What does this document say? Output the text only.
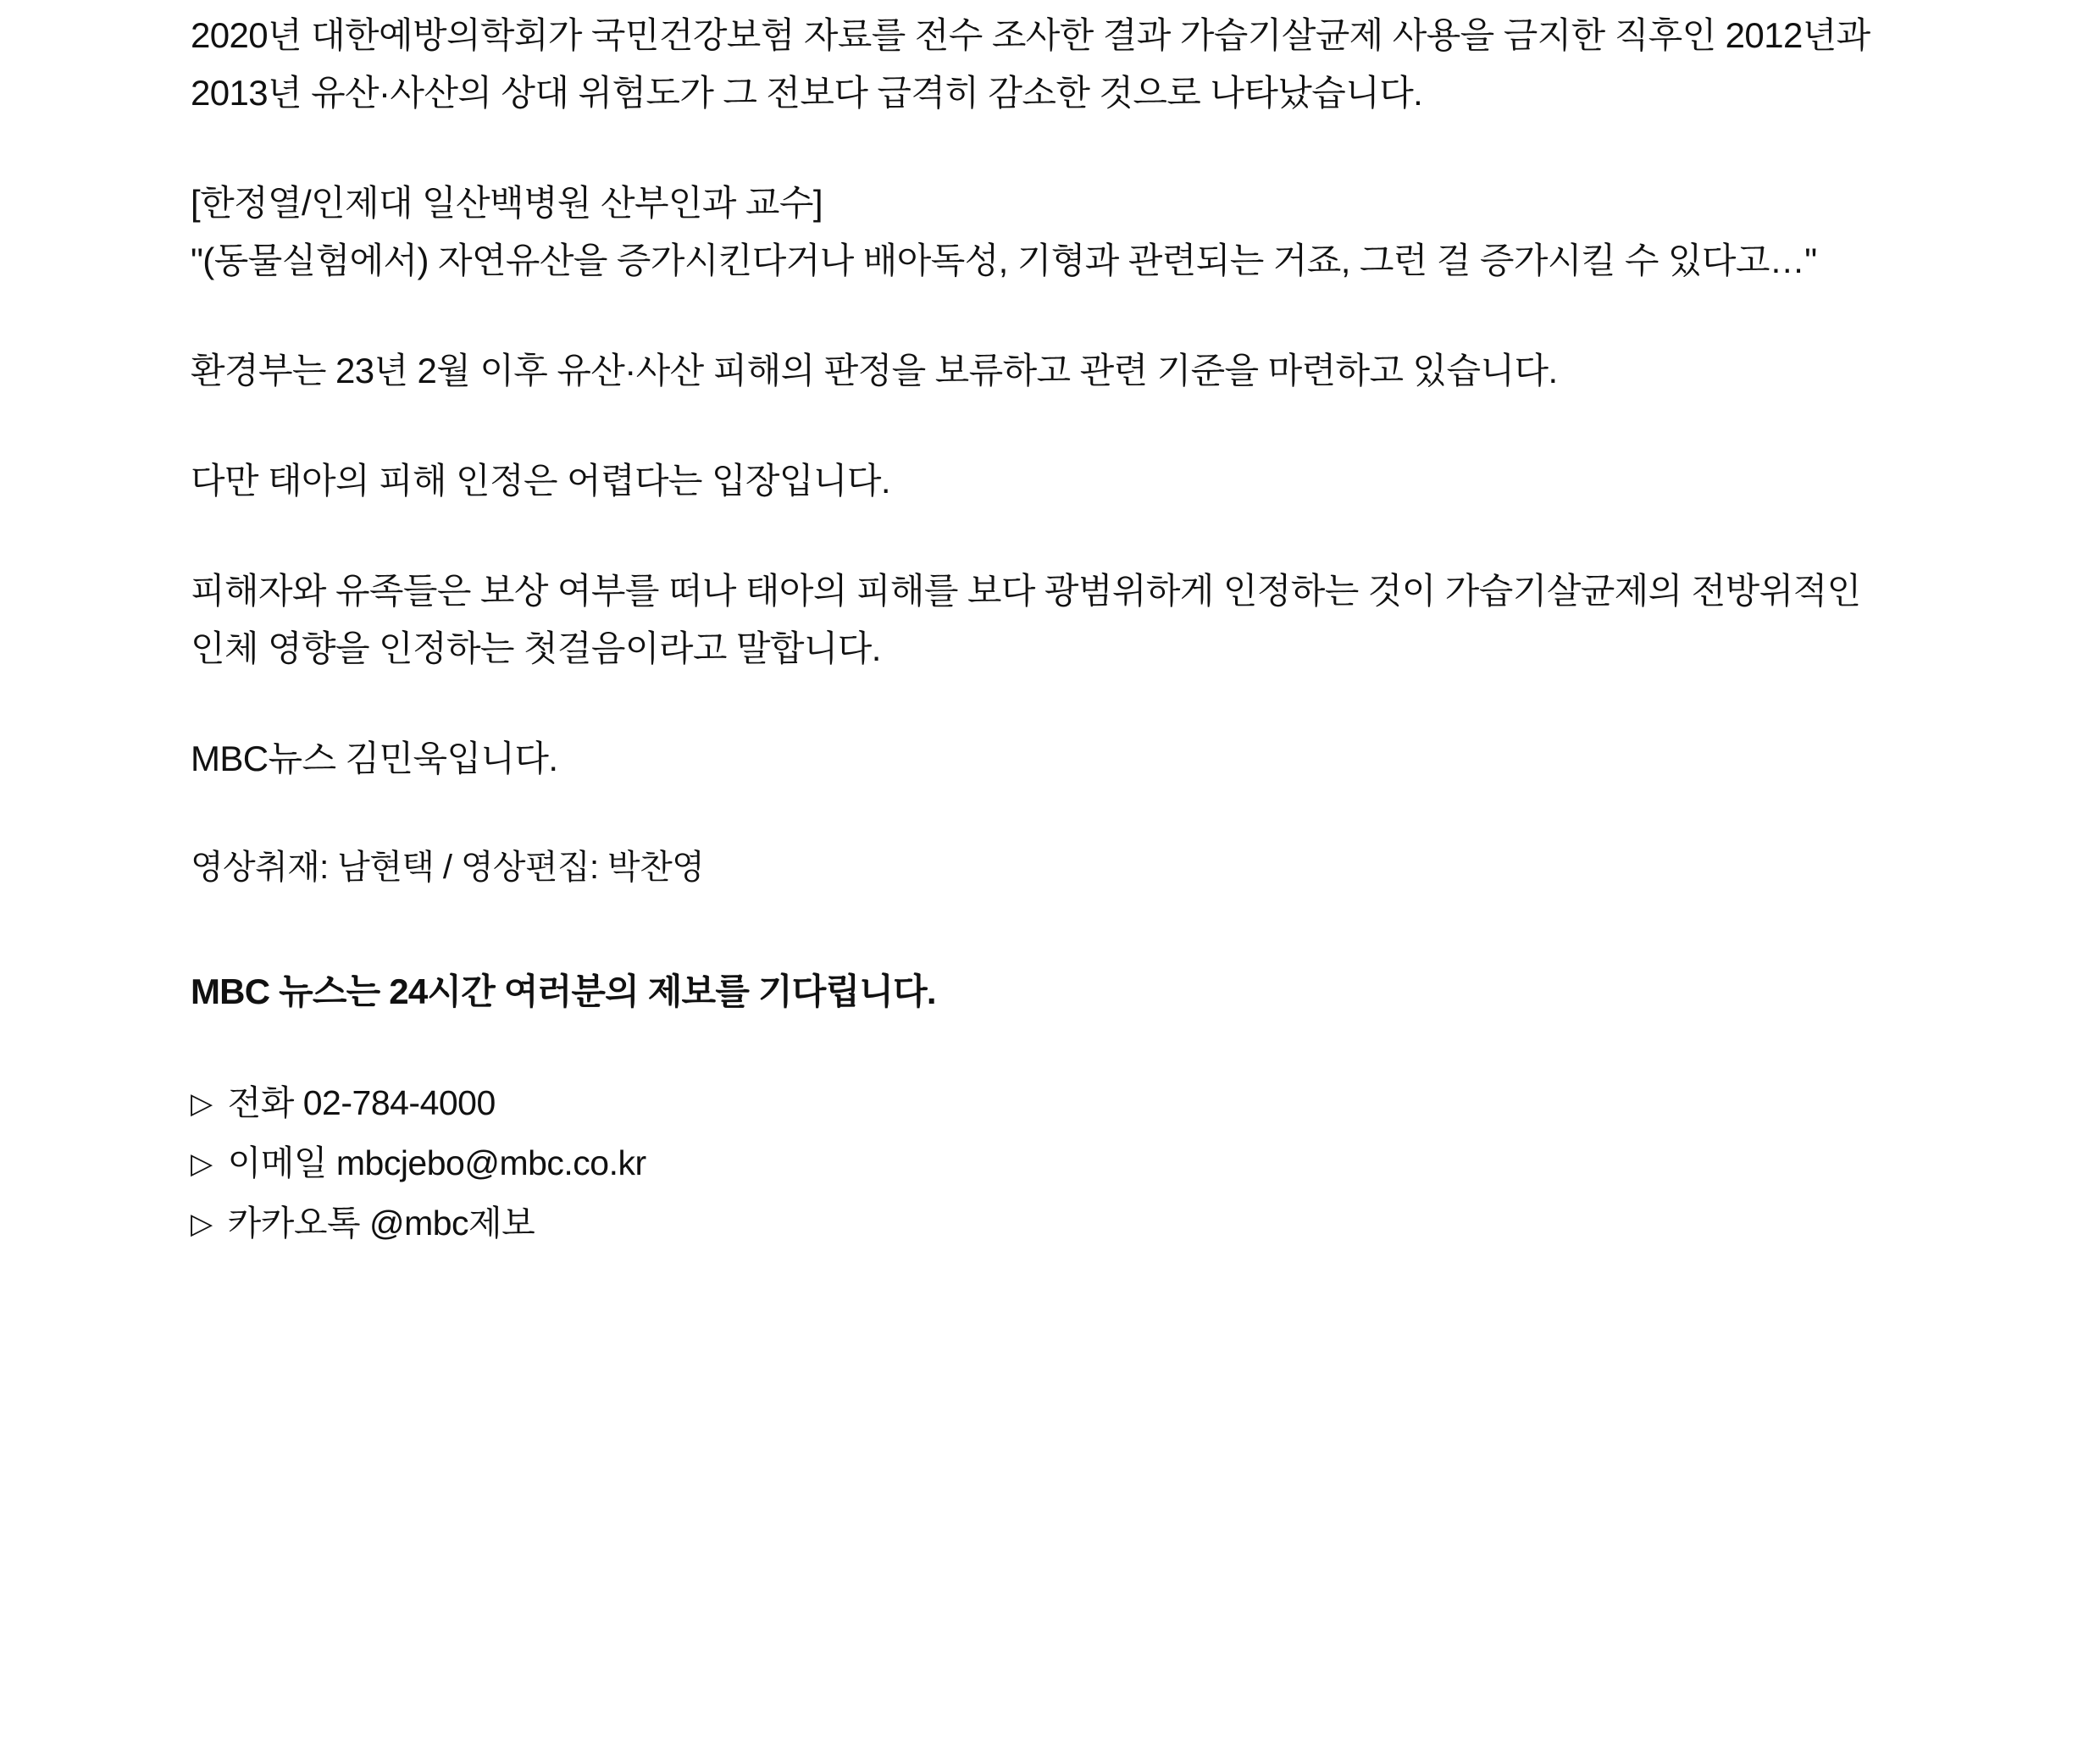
2020년 대한예방의학회가 국민건강보험 자료를 전수 조사한 결과 가습기살균제 사용을 금지한 직후인 2012년과 2013년 유산·사산의 상대 위험도가 그 전보다 급격히 감소한 것으로 나타났습니다.

[한정열/인제대 일산백병원 산부인과 교수]
"(동물실험에서) 자연유산을 증가시킨다거나 배아독성, 기형과 관련되는 거죠, 그런 걸 증가시킬 수 있다고…"

환경부는 23년 2월 이후 유산·사산 피해의 판정을 보류하고 관련 기준을 마련하고 있습니다.

다만 태아의 피해 인정은 어렵다는 입장입니다.

피해자와 유족들은 보상 여부를 떠나 태아의 피해를 보다 광범위하게 인정하는 것이 가습기살균제의 전방위적인 인체 영향을 인정하는 첫걸음이라고 말합니다.

MBC뉴스 김민욱입니다.

영상취재: 남현택 / 영상편집: 박찬영

MBC 뉴스는 24시간 여러분의 제보를 기다립니다.

▷ 전화 02-784-4000
▷ 이메일 mbcjebo@mbc.co.kr
▷ 카카오톡 @mbc제보
